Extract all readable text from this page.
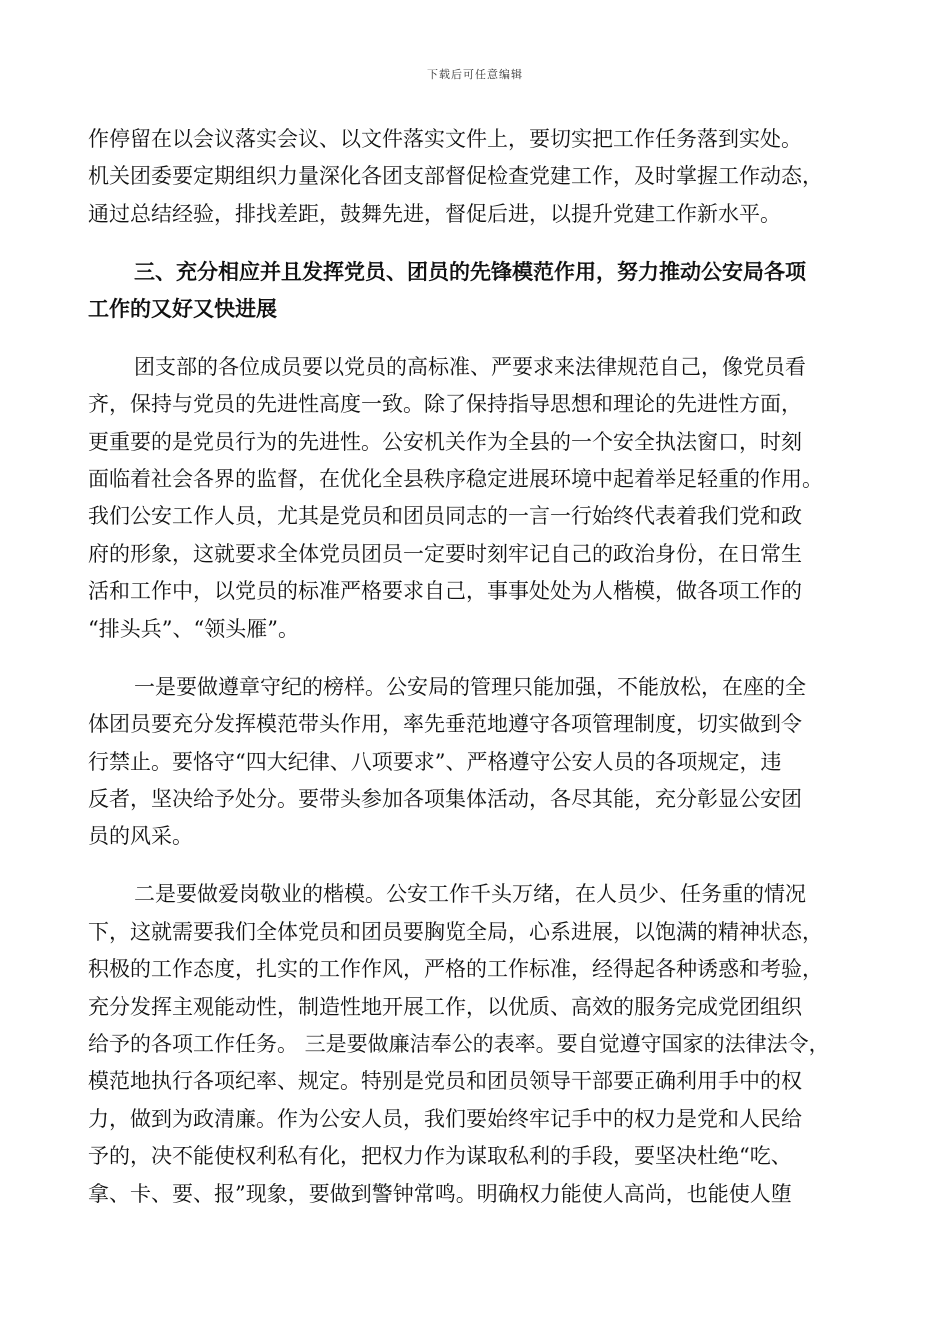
下载后可任意编辑
作停留在以会议落实会议、以文件落实文件上，要切实把工作任务落到实处。
机关团委要定期组织力量深化各团支部督促检查党建工作，及时掌握工作动态，
通过总结经验，排找差距，鼓舞先进，督促后进，以提升党建工作新水平。
三、充分相应并且发挥党员、团员的先锋模范作用，努力推动公安局各项
工作的又好又快进展
团支部的各位成员要以党员的高标准、严要求来法律规范自己，像党员看
齐，保持与党员的先进性高度一致。除了保持指导思想和理论的先进性方面，
更重要的是党员行为的先进性。公安机关作为全县的一个安全执法窗口，时刻
面临着社会各界的监督，在优化全县秩序稳定进展环境中起着举足轻重的作用。
我们公安工作人员，尤其是党员和团员同志的一言一行始终代表着我们党和政
府的形象，这就要求全体党员团员一定要时刻牢记自己的政治身份，在日常生
活和工作中，以党员的标准严格要求自己，事事处处为人楷模，做各项工作的
“排头兵”、“领头雁”。
一是要做遵章守纪的榜样。公安局的管理只能加强，不能放松，在座的全
体团员要充分发挥模范带头作用，率先垂范地遵守各项管理制度，切实做到令
行禁止。要恪守“四大纪律、八项要求”、严格遵守公安人员的各项规定，违
反者，坚决给予处分。要带头参加各项集体活动，各尽其能，充分彰显公安团
员的风采。
二是要做爱岗敬业的楷模。公安工作千头万绪，在人员少、任务重的情况
下，这就需要我们全体党员和团员要胸览全局，心系进展，以饱满的精神状态，
积极的工作态度，扎实的工作作风，严格的工作标准，经得起各种诱惑和考验，
充分发挥主观能动性，制造性地开展工作，以优质、高效的服务完成党团组织
给予的各项工作任务。 三是要做廉洁奉公的表率。要自觉遵守国家的法律法令，
模范地执行各项纪率、规定。特别是党员和团员领导干部要正确利用手中的权
力，做到为政清廉。作为公安人员，我们要始终牢记手中的权力是党和人民给
予的，决不能使权利私有化，把权力作为谋取私利的手段，要坚决杜绝“吃、
拿、卡、要、报”现象，要做到警钟常鸣。明确权力能使人高尚，也能使人堕
